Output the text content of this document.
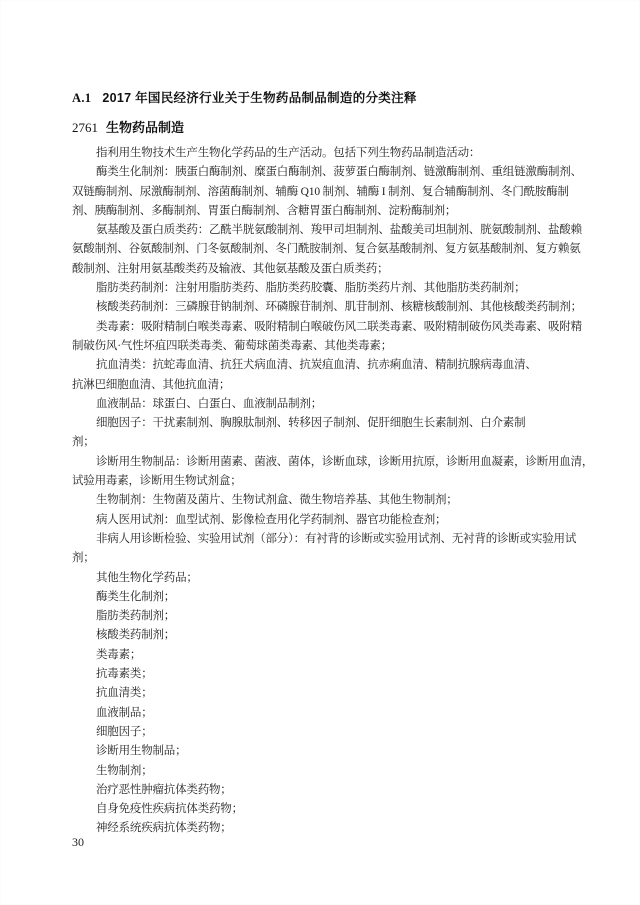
A.1 2017 年国民经济行业关于生物药品制品制造的分类注释
2761 生物药品制造
指利用生物技术生产生物化学药品的生产活动。包括下列生物药品制造活动：
酶类生化制剂：胰蛋白酶制剂、糜蛋白酶制剂、菠萝蛋白酶制剂、链激酶制剂、重组链激酶制剂、
双链酶制剂、尿激酶制剂、溶菌酶制剂、辅酶 Q10 制剂、辅酶 I 制剂、复合辅酶制剂、冬门酰胺酶制
剂、胰酶制剂、多酶制剂、胃蛋白酶制剂、含糖胃蛋白酶制剂、淀粉酶制剂；
氨基酸及蛋白质类药：乙酰半胱氨酸制剂、羧甲司坦制剂、盐酸美司坦制剂、胱氨酸制剂、盐酸赖
氨酸制剂、谷氨酸制剂、门冬氨酸制剂、冬门酰胺制剂、复合氨基酸制剂、复方氨基酸制剂、复方赖氨
酸制剂、注射用氨基酸类药及输液、其他氨基酸及蛋白质类药；
脂肪类药制剂：注射用脂肪类药、脂肪类药胶囊、脂肪类药片剂、其他脂肪类药制剂；
核酸类药制剂：三磷腺苷钠制剂、环磷腺苷制剂、肌苷制剂、核糖核酸制剂、其他核酸类药制剂；
类毒素：吸附精制白喉类毒素、吸附精制白喉破伤风二联类毒素、吸附精制破伤风类毒素、吸附精
制破伤风·气性坏疽四联类毒类、葡萄球菌类毒素、其他类毒素；
抗血清类：抗蛇毒血清、抗狂犬病血清、抗炭疽血清、抗赤痢血清、精制抗腺病毒血清、
抗淋巴细胞血清、其他抗血清；
血液制品：球蛋白、白蛋白、血液制品制剂；
细胞因子：干扰素制剂、胸腺肽制剂、转移因子制剂、促肝细胞生长素制剂、白介素制
剂；
诊断用生物制品：诊断用菌素、菌液、菌体，诊断血球，诊断用抗原，诊断用血凝素，诊断用血清，
试验用毒素，诊断用生物试剂盒；
生物制剂：生物菌及菌片、生物试剂盒、微生物培养基、其他生物制剂；
病人医用试剂：血型试剂、影像检查用化学药制剂、器官功能检查剂；
非病人用诊断检验、实验用试剂（部分）：有衬背的诊断或实验用试剂、无衬背的诊断或实验用试
剂；
其他生物化学药品；
酶类生化制剂；
脂肪类药制剂；
核酸类药制剂；
类毒素；
抗毒素类；
抗血清类；
血液制品；
细胞因子；
诊断用生物制品；
生物制剂；
治疗恶性肿瘤抗体类药物；
自身免疫性疾病抗体类药物；
神经系统疾病抗体类药物；
30
